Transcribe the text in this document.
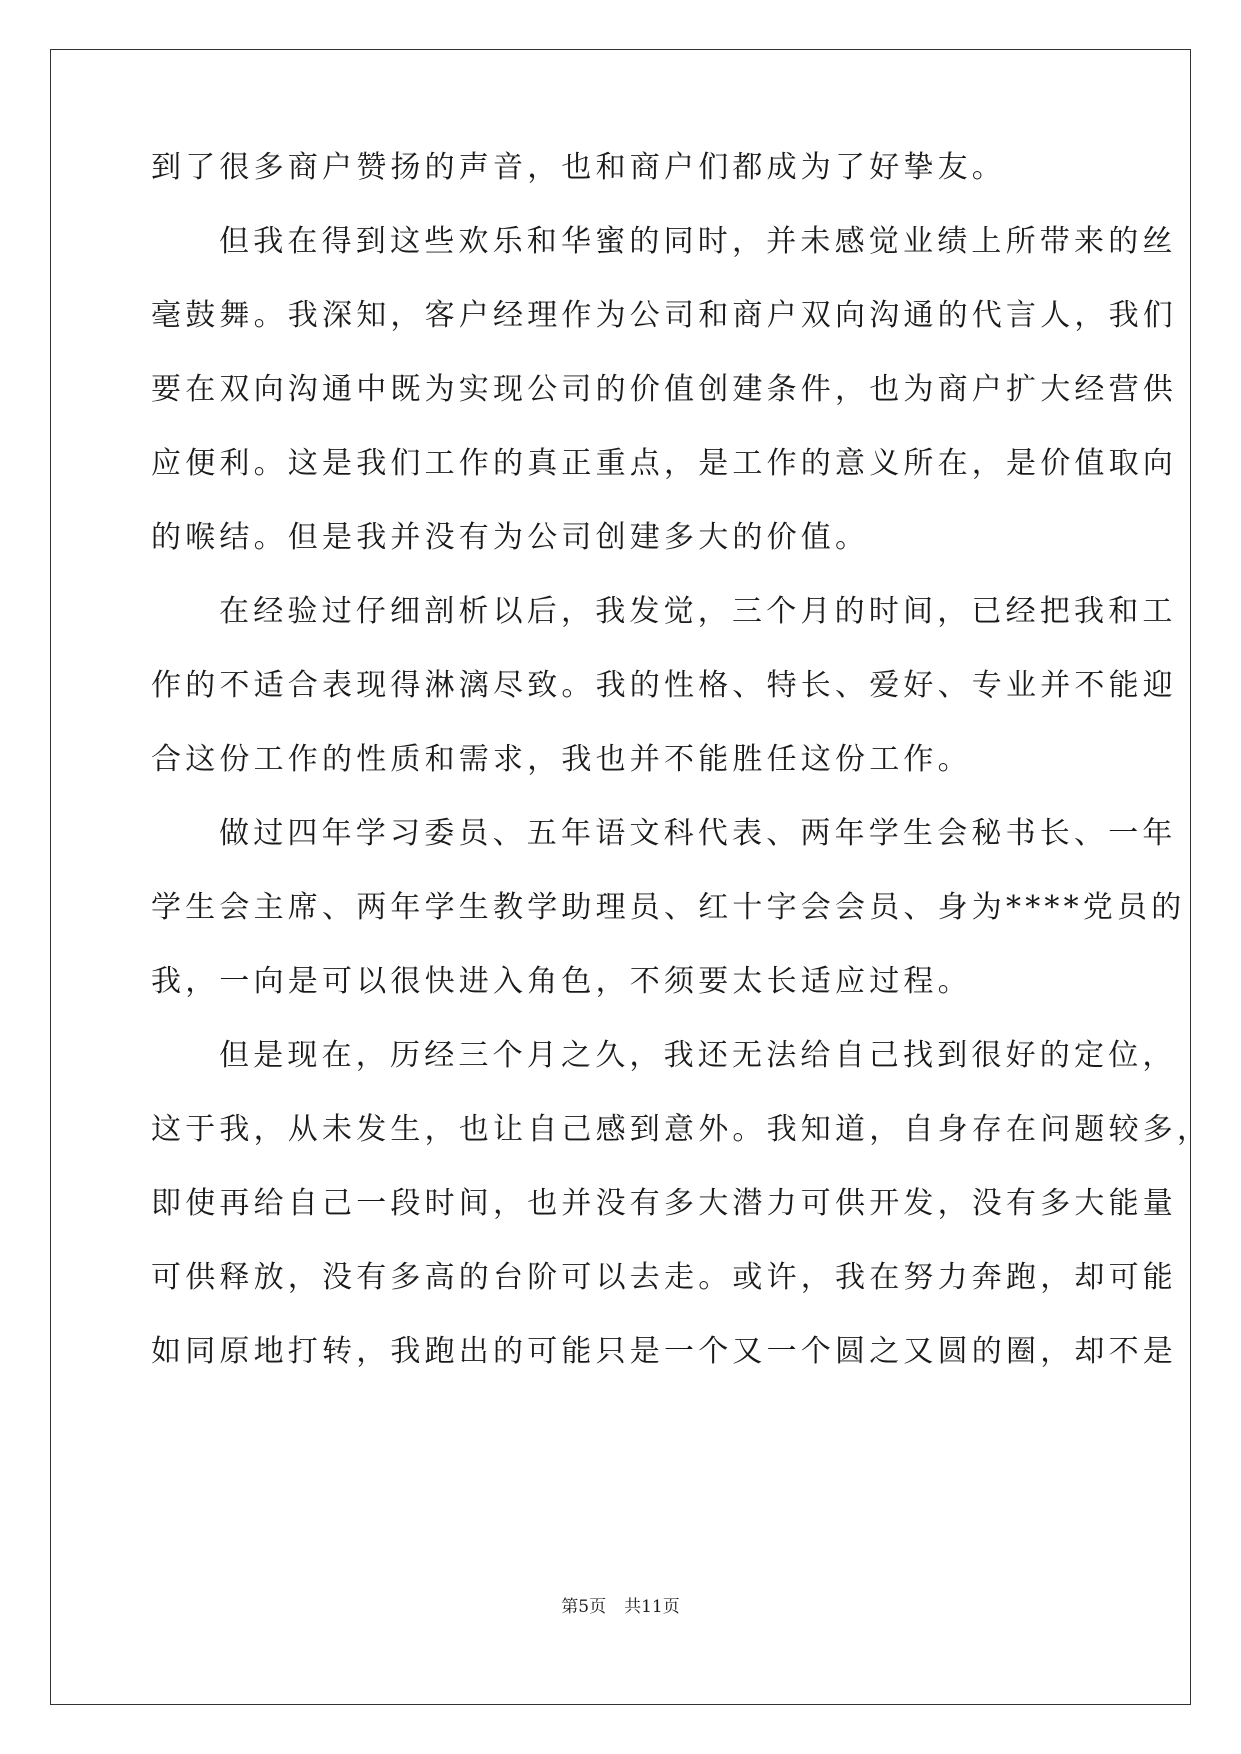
到了很多商户赞扬的声音，也和商户们都成为了好挚友。
但我在得到这些欢乐和华蜜的同时，并未感觉业绩上所带来的丝
毫鼓舞。我深知，客户经理作为公司和商户双向沟通的代言人，我们
要在双向沟通中既为实现公司的价值创建条件，也为商户扩大经营供
应便利。这是我们工作的真正重点，是工作的意义所在，是价值取向
的喉结。但是我并没有为公司创建多大的价值。
在经验过仔细剖析以后，我发觉，三个月的时间，已经把我和工
作的不适合表现得淋漓尽致。我的性格、特长、爱好、专业并不能迎
合这份工作的性质和需求，我也并不能胜任这份工作。
做过四年学习委员、五年语文科代表、两年学生会秘书长、一年
学生会主席、两年学生教学助理员、红十字会会员、身为****党员的
我，一向是可以很快进入角色，不须要太长适应过程。
但是现在，历经三个月之久，我还无法给自己找到很好的定位，
这于我，从未发生，也让自己感到意外。我知道，自身存在问题较多，
即使再给自己一段时间，也并没有多大潜力可供开发，没有多大能量
可供释放，没有多高的台阶可以去走。或许，我在努力奔跑，却可能
如同原地打转，我跑出的可能只是一个又一个圆之又圆的圈，却不是
第5页 共11页
